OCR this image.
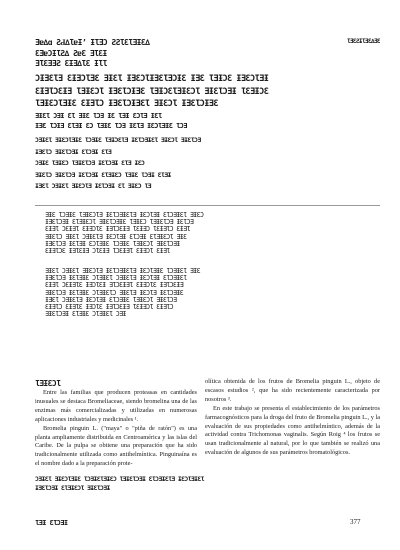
Ǝɐ∆ɑ ƧԀ∆ƖɐƗʼ ƗƖƎƆ ƧƧƖƐƖƎƗƐ∆
ƐƎɐƆƗƖƧ∆ ƧɐƐ ƎƖƐƗ
ƎƖƐƎƎƧ ƐƗƎ∆ƖƐ ƗƖƖ
ƖƎƐƧƗƖƎƐ∆ƎƐ
ƆƗƎƐƖƎ ƐƗƎƆƖƎƐ ƎƗƐƖ ƗƎƐƆƖƗƎƐƖƎƆƗƐ ƗƎƐ ƖƎƗƆƐ ƗƎƐƆƖƎƗ
ƐƗƎƖƆƐƗƎ ƖƎƗƐƆƖ ƗƎƐƖƆƗƎƐ ƖƎƗƆƐƖƎƗƐƆƖ ƎƗƐƖƆƎƗ ƖƐƎƗƆƐ
ƖƎƗƐƆƖƎƗƐ ƐƗƎƖƆ ƗƎƐƖƆƗƎƐƖ ƎƗƐƆƖ ƗƎƐƖƆƗƎƐ
ƎƗƐƖ ƆƎƗ ƐƖ ƎƗƐ ƖƆƎ ƗƐ ƖƎƗ ƐƆƖƎ ƗƐƖ
ƗƎƐ ƖƆƗƎ ƐƖƎƗ ƐƆ ƖƎƗƐ ƖƆƎ ƗƐƖƎ ƗƐƆƖƎƗƐ ƖƆƎ
ƆƎƗƐƖ ƎƗƐƆƖƎƗƐ ƖƆƎƗƐ ƖƎƗƆƐƖƎ ƗƐƖƆƎƗƐƖ ƎƗƐƆƖ ƎƗƐƖƆƎ
ƗƎƐƖƆ ƎƗƐƖƆƎƗ ƐƖƆƎƗ ƐƖƎ
ƆƎƗƐ ƖƎƗƐƆ ƖƎƗƐƖƆƎ ƗƐƖƆƎƗ ƐƖƎ ƗƐƆ
ƎƗƐƖƆ ƎƗƐƖƆƎ ƗƐƖƆƎƗ ƐƖƎƗƐƆ ƖƎƗƐ ƖƆƎƗ ƐƖƎƗ
ƗƎƐƖ ƆƎƗƐƖ ƎƗƐƆƖƎ ƗƐƖƆƎƗ ƐƖ ƎƗƐƆ ƖƎ
ƎƗƐ ƖƆƎƗƐ ƖƎƗƐƆƖƎ ƗƐƖƆƎƗƐƖƎ ƗƐƆƖƎƗ ƐƖƆƎƗƐƖ ƎƗƐƆ
ƗƎƐƖƆƎƗ ƐƖƎƗƐƆƖ ƎƗƐƖƆƎƗƐ ƖƎƗƐƆ ƖƎƗƐƖƆƎ ƗƐƖƆƎ
ƐƗƎƖ ƆƐƗƎƖ ƐƗƎƆƖƐ ƗƎƖƆƐƗƎ ƖƐƗƎƆ ƖƐƗƎƖƆ ƐƗƎƖ
ƎƗƐƖƆ ƎƗƐƖ ƆƎƗƐƖƎ ƗƐƆƖƎƗ ƐƖƆƎƗ ƐƖƎƗƐƆƖ ƎƗƐ
ƗƎƐƖƆƎ ƗƐƖƎƗ ƐƆƖƎƗƐ ƖƆƎƗƐ ƖƎƗƐƆƖ ƎƗƐƖƆƎƗ
ƐƗƎƖƆƐ ƗƎƖƐƗƎ ƆƖƐƗƎ ƖƆƐƗƎƖ ƐƗƎƆƖ ƐƗƎƖ
ƎƗƐƖ ƆƎƗƐƖ ƎƗƐƆƖƎ ƗƐƖƆƎƗƐƖƎ ƗƐƆƖƎƗƐ ƖƆƎƗƐƖ ƎƗƐ
ƗƎƐƖƆƎ ƗƐƖƎƗƐ ƆƖƎƗƐƖ ƆƎƗƐƖƎ ƗƐƆƖƎƗ ƐƖƆƎƗƐƖ
ƐƗƎƖ ƆƐƗƎƖƐ ƗƎƆƖƐƗ ƎƖƆƐƗƎƖ ƐƗƎƆƖƐ ƗƎƖƆƐƗƎ
ƎƗƐƖƆƎ ƗƐƖƎƗƐ ƆƖƎƗƐƖƆ ƎƗƐƖƎ ƗƐƆƖƎ ƗƐƖƆƎƗƐ
ƗƎƐƖ ƆƎƗƐƖƎ ƗƐƆƖƎƗ ƐƖƆƎƗƐ ƖƎƗƐƆƖ ƎƗƐƖƆƎ
ƐƗƎƖƆ ƐƗƎƖƐ ƗƎƆƖƐ ƗƎƖƆƐƗƎ ƖƐƗƎƆƖ ƐƗƎƖƆ
ƎƗƐƖƆƎƗ ƐƖƎƗƐ ƆƖƎƗƐƖ ƆƎƗ
ƖƎƗƐƆƖ

Entre las familias que producen proteasas en cantidades inusuales se destaca Bromeliaceae, siendo bromelina una de las enzimas más comercializadas y utilizadas en numerosas aplicaciones industriales y medicinales ¹.

Bromelia pinguin L. ("maya" o "piña de ratón") es una planta ampliamente distribuida en Centroamérica y las islas del Caribe. De la pulpa se obtiene una preparación que ha sido tradicionalmente utilizada como antihelmíntica. Pinguinaína es el nombre dado a la preparación prote-

olítica obtenida de los frutos de Bromelia pinguin L., objeto de escasos estudios ², que ha sido recientemente caracterizada por nosotros ³.

En este trabajo se presenta el establecimiento de los parámetros farmacognósticos para la droga del fruto de Bromelia pinguin L., y la evaluación de sus propiedades como antihelmíntico, además de la actividad contra Trichomonas vaginalis. Según Roig ⁴ los frutos se usan tradicionalmente al natural, por lo que también se realizó una evaluación de algunos de sus parámetros bromatológicos.

ƆƎƗƐƖ ƎƗƐƆƖƎƗƐ ƖƆƎƗƐƖƎƗƐƆ ƖƎƗƐƖƆƎƗ ƐƖƆƎƗƐƖƎ ƗƐƆƖƎƗƐƖ
ƗƎƐƖƆƎƗ ƐƖƎƗƐƆƖ ƎƗƐƖƆƎƗ
ƖƎƗ ƐƖƆƎƗ	377
